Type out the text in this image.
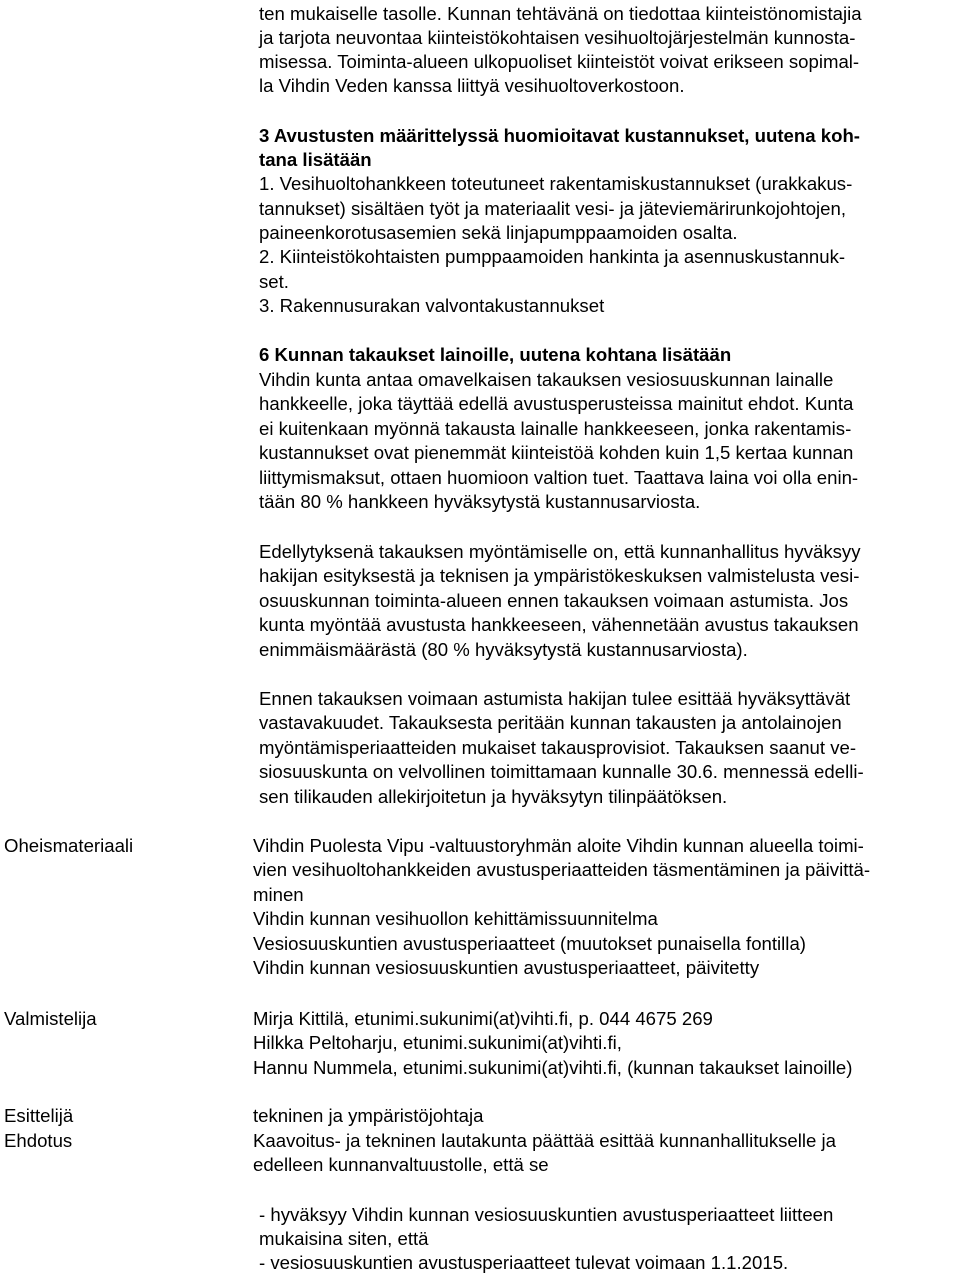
ten mukaiselle tasolle. Kunnan tehtävänä on tiedottaa kiinteistönomistajia
ja tarjota neuvontaa kiinteistökohtaisen vesihuoltojärjestelmän kunnosta-
misessa. Toiminta-alueen ulkopuoliset kiinteistöt voivat erikseen sopimal-
la Vihdin Veden kanssa liittyä vesihuoltoverkostoon.
3 Avustusten määrittelyssä huomioitavat kustannukset, uutena koh-
tana lisätään
1. Vesihuoltohankkeen toteutuneet rakentamiskustannukset (urakkakus-
tannukset) sisältäen työt ja materiaalit vesi- ja jäteviemärirunkojohtojen,
paineenkorotusasemien sekä linjapumppaamoiden osalta.
2. Kiinteistökohtaisten pumppaamoiden hankinta ja asennuskustannuk-
set.
3. Rakennusurakan valvontakustannukset
6 Kunnan takaukset lainoille, uutena kohtana lisätään
Vihdin kunta antaa omavelkaisen takauksen vesiosuuskunnan lainalle
hankkeelle, joka täyttää edellä avustusperusteissa mainitut ehdot. Kunta
ei kuitenkaan myönnä takausta lainalle hankkeeseen, jonka rakentamis-
kustannukset ovat pienemmät kiinteistöä kohden kuin 1,5 kertaa kunnan
liittymismaksut, ottaen huomioon valtion tuet. Taattava laina voi olla enin-
tään 80 % hankkeen hyväksytystä kustannusarviosta.
Edellytyksenä takauksen myöntämiselle on, että kunnanhallitus hyväksyy
hakijan esityksestä ja teknisen ja ympäristökeskuksen valmistelusta vesi-
osuuskunnan toiminta-alueen ennen takauksen voimaan astumista. Jos
kunta myöntää avustusta hankkeeseen, vähennetään avustus takauksen
enimmäismäärästä (80 % hyväksytystä kustannusarviosta).
Ennen takauksen voimaan astumista hakijan tulee esittää hyväksyttävät
vastavakuudet. Takauksesta peritään kunnan takausten ja antolainojen
myöntämisperiaatteiden mukaiset takausprovisiot. Takauksen saanut ve-
siosuuskunta on velvollinen toimittamaan kunnalle 30.6. mennessä edelli-
sen tilikauden allekirjoitetun ja hyväksytyn tilinpäätöksen.
Oheismateriaali	Vihdin Puolesta Vipu -valtuustoryhmän aloite Vihdin kunnan alueella toimi-
vien vesihuoltohankkeiden avustusperiaatteiden täsmentäminen ja päivittä-
minen
Vihdin kunnan vesihuollon kehittämissuunnitelma
Vesiosuuskuntien avustusperiaatteet (muutokset punaisella fontilla)
Vihdin kunnan vesiosuuskuntien avustusperiaatteet, päivitetty
Valmistelija	Mirja Kittilä, etunimi.sukunimi(at)vihti.fi, p. 044 4675 269
Hilkka Peltoharju, etunimi.sukunimi(at)vihti.fi,
Hannu Nummela, etunimi.sukunimi(at)vihti.fi, (kunnan takaukset lainoille)
Esittelijä	tekninen ja ympäristöjohtaja
Ehdotus	Kaavoitus- ja tekninen lautakunta päättää esittää kunnanhallitukselle ja
edelleen kunnanvaltuustolle, että se
- hyväksyy Vihdin kunnan vesiosuuskuntien avustusperiaatteet liitteen
mukaisina siten, että
- vesiosuuskuntien avustusperiaatteet tulevat voimaan 1.1.2015.
